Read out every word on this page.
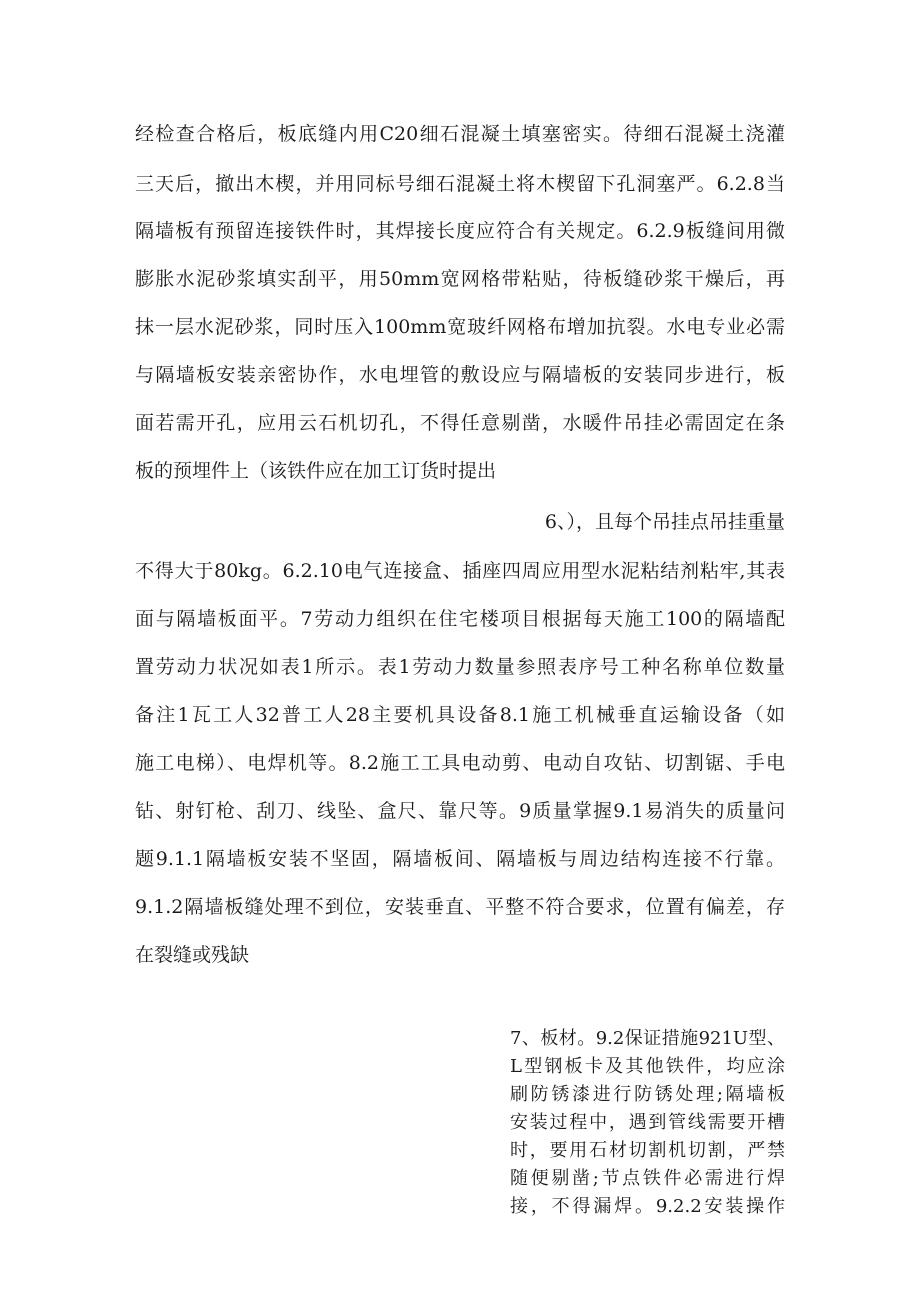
经检查合格后，板底缝内用C20细石混凝土填塞密实。待细石混凝土浇灌
三天后，撤出木楔，并用同标号细石混凝土将木楔留下孔洞塞严。6.2.8当
隔墙板有预留连接铁件时，其焊接长度应符合有关规定。6.2.9板缝间用微
膨胀水泥砂浆填实刮平，用50mm宽网格带粘贴，待板缝砂浆干燥后，再
抹一层水泥砂浆，同时压入100mm宽玻纤网格布增加抗裂。水电专业必需
与隔墙板安装亲密协作，水电埋管的敷设应与隔墙板的安装同步进行，板
面若需开孔，应用云石机切孔，不得任意剔凿，水暖件吊挂必需固定在条
板的预埋件上（该铁件应在加工订货时提出
6、），且每个吊挂点吊挂重量
不得大于80kg。6.2.10电气连接盒、插座四周应用型水泥粘结剂粘牢,其表
面与隔墙板面平。7劳动力组织在住宅楼项目根据每天施工100的隔墙配
置劳动力状况如表1所示。表1劳动力数量参照表序号工种名称单位数量
备注1瓦工人32普工人28主要机具设备8.1施工机械垂直运输设备（如
施工电梯）、电焊机等。8.2施工工具电动剪、电动自攻钻、切割锯、手电
钻、射钉枪、刮刀、线坠、盒尺、靠尺等。9质量掌握9.1易消失的质量问
题9.1.1隔墙板安装不坚固，隔墙板间、隔墙板与周边结构连接不行靠。
9.1.2隔墙板缝处理不到位，安装垂直、平整不符合要求，位置有偏差，存
在裂缝或残缺
7、板材。9.2保证措施921U型、
L型钢板卡及其他铁件，均应涂
刷防锈漆进行防锈处理;隔墙板
安装过程中，遇到管线需要开槽
时，要用石材切割机切割，严禁
随便剔凿;节点铁件必需进行焊
接，不得漏焊。9.2.2安装操作
